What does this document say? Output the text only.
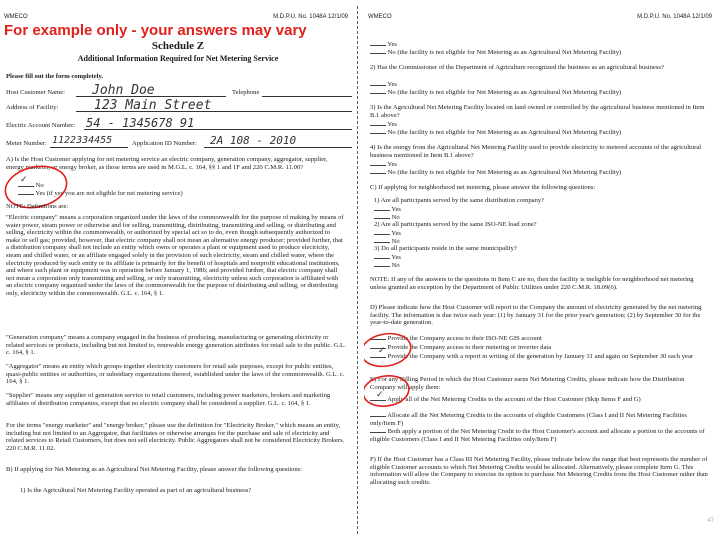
WMECO	M.D.P.U. No. 1048A 12/1/09
For example only - your answers may vary
Schedule Z
Additional Information Required for Net Metering Service
Please fill out the form completely.
Host Customer Name: John Doe	Telephone
Address of Facility:	123 Main Street
Electric Account Number: 54 - 1345678 91
Meter Number: 1122334455	Application ID Number: 2A 108 - 2010
A) Is the Host Customer applying for net metering service an electric company, generation company, aggregator, supplier, energy marketer, or energy broker, as those terms are used in M.G.L. c. 164, §§ 1 and 1F and 220 C.M.R. 11.00?
No
Yes (if yes you are not eligible for net metering service)
✓
NOTE: Definitions are:
"Electric company" means a corporation organized under the laws of the commonwealth for the purpose of making by means of water power, steam power or otherwise and for selling, transmitting, distributing, transmitting and selling, or distributing and selling, electricity within the commonwealth, or authorized by special act so to do, even though subsequently authorized to make or sell gas; provided, however, that electric company shall not mean an alternative energy producer; provided further, that a distribution company shall not include an entity which owns or operates a plant or equipment used to produce electricity, steam and chilled water, or an affiliate engaged solely in the provision of such electricity, steam and chilled water, where the electricity produced by such entity or its affiliate is primarily for the benefit of hospitals and nonprofit educational institutions, and where such plant or equipment was in operation before January 1, 1986; and provided further, that electric company shall not mean a corporation only transmitting and selling, or only transmitting, electricity unless such corporation is affiliated with an electric company organized under the laws of the commonwealth for the purpose of distributing and selling, or distributing only, electricity within the commonwealth. G.L. c. 164, § 1.
"Generation company" means a company engaged in the business of producing, manufacturing or generating electricity or related services or products, including but not limited to, renewable energy generation attributes for retail sale to the public. G.L. c. 164, § 1.
"Aggregator" means an entity which groups together electricity customers for retail sale purposes, except for public entities, quasi-public entities or authorities, or subsidiary organizations thereof, established under the laws of the commonwealth. G.L. c. 164, § 1.
"Supplier" means any supplier of generation service to retail customers, including power marketers, brokers and marketing affiliates of distribution companies, except that no electric company shall be considered a supplier. G.L. c. 164, § 1.
For the terms "energy marketer" and "energy broker," please use the definition for "Electricity Broker," which means an entity, including but not limited to an Aggregator, that facilitates or otherwise arranges for the purchase and sale of electricity and related services to Retail Customers, but does not sell electricity. Public Aggregators shall not be considered Electricity Brokers. 220 C.M.R. 11.02.
B) If applying for Net Metering as an Agricultural Net Metering Facility, please answer the following questions:
1) Is the Agricultural Net Metering Facility operated as part of an agricultural business?
WMECO	M.D.P.U. No. 1048A 12/1/09
Yes
No (the facility is not eligible for Net Metering as an Agricultural Net Metering Facility)
2) Has the Commissioner of the Department of Agriculture recognized the business as an agricultural business?
Yes
No (the facility is not eligible for Net Metering as an Agricultural Net Metering Facility)
3) Is the Agricultural Net Metering Facility located on land owned or controlled by the agricultural business mentioned in Item B.1 above?
Yes
No (the facility is not eligible for Net Metering as an Agricultural Net Metering Facility)
4) Is the energy from the Agricultural Net Metering Facility used to provide electricity to metered accounts of the agricultural business mentioned in Item B.1 above?
Yes
No (the facility is not eligible for Net Metering as an Agricultural Net Metering Facility)
C) If applying for neighborhood net metering, please answer the following questions:
1) Are all participants served by the same distribution company?
Yes
No
2) Are all participants served by the same ISO-NE load zone?
Yes
No
3) Do all participants reside in the same municipality?
Yes
No
NOTE: If any of the answers to the questions in Item C are no, then the facility is ineligible for neighborhood net metering unless granted an exception by the Department of Public Utilities under 220 C.M.R. 18.09(6).
D) Please indicate how the Host Customer will report to the Company the amount of electricity generated by the net metering facility. The information is due twice each year: (1) by January 31 for the prior year's generation; (2) by September 30 for the year-to-date generation.
Provide the Company access to their ISO-NE GIS account
Provide the Company access to their metering or inverter data
Provide the Company with a report in writing of the generation by January 31 and again on September 30 each year
✓
E) For any Billing Period in which the Host Customer earns Net Metering Credits, please indicate how the Distribution Company will apply them:
Apply all of the Net Metering Credits to the account of the Host Customer (Skip Items F and G)
Allocate all the Net Metering Credits to the accounts of eligible Customers (Class I and II Net Metering Facilities only/Item F)
Both apply a portion of the Net Metering Credit to the Host Customer's account and allocate a portion to the accounts of eligible Customers (Class I and II Net Metering Facilities only/Item F)
✓
F) If the Host Customer has a Class III Net Metering Facility, please indicate below the range that best represents the number of eligible Customer accounts to which Net Metering Credits would be allocated. Alternatively, please complete Item G. This information will allow the Company to exercise its option to purchase Net Metering Credits from the Host Customer rather than allocating such credits.
47
